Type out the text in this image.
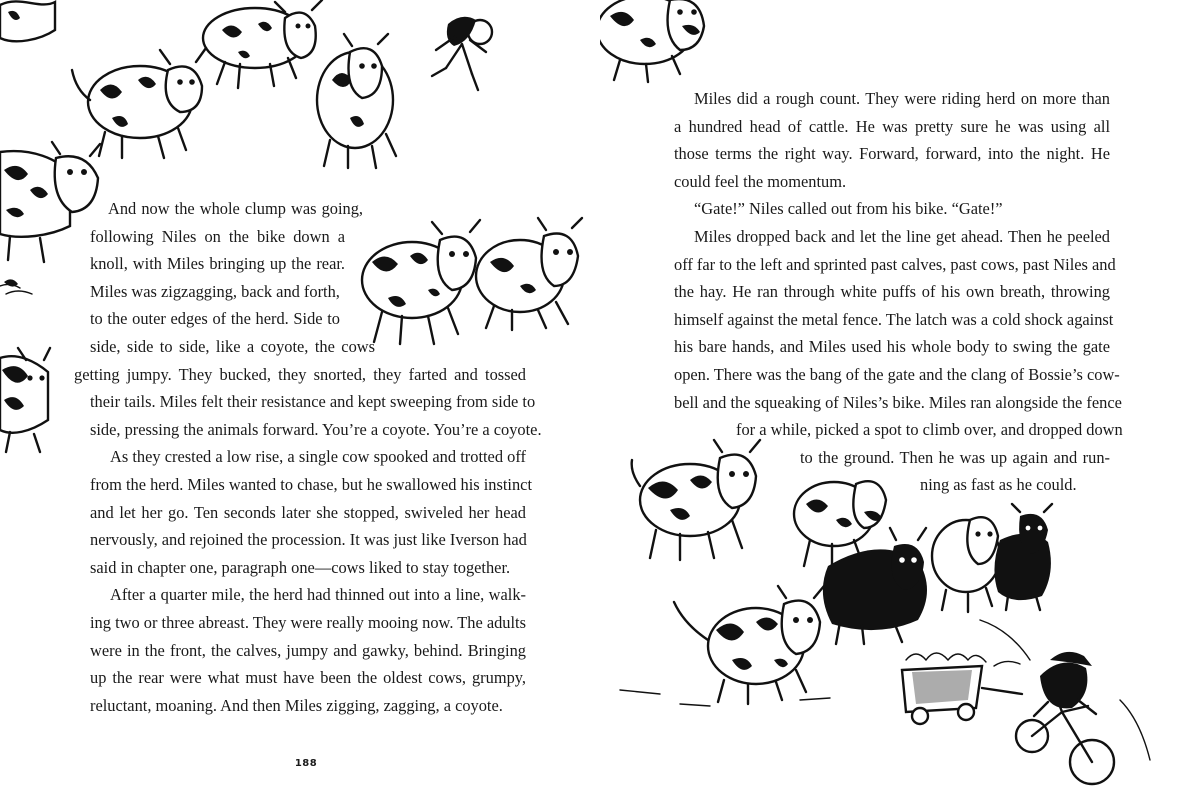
And now the whole clump was going,
following Niles on the bike down a
knoll, with Miles bringing up the rear.
Miles was zigzagging, back and forth,
to the outer edges of the herd. Side to
side, side to side, like a coyote, the cows
getting jumpy. They bucked, they snorted, they farted and tossed
their tails. Miles felt their resistance and kept sweeping from side to
side, pressing the animals forward. You’re a coyote. You’re a coyote.
As they crested a low rise, a single cow spooked and trotted off
from the herd. Miles wanted to chase, but he swallowed his instinct
and let her go. Ten seconds later she stopped, swiveled her head
nervously, and rejoined the procession. It was just like Iverson had
said in chapter one, paragraph one—cows liked to stay together.
After a quarter mile, the herd had thinned out into a line, walk-
ing two or three abreast. They were really mooing now. The adults
were in the front, the calves, jumpy and gawky, behind. Bringing
up the rear were what must have been the oldest cows, grumpy,
reluctant, moaning. And then Miles zigging, zagging, a coyote.
188
Miles did a rough count. They were riding herd on more than
a hundred head of cattle. He was pretty sure he was using all
those terms the right way. Forward, forward, into the night. He
could feel the momentum.
“Gate!” Niles called out from his bike. “Gate!”
Miles dropped back and let the line get ahead. Then he peeled
off far to the left and sprinted past calves, past cows, past Niles and
the hay. He ran through white puffs of his own breath, throwing
himself against the metal fence. The latch was a cold shock against
his bare hands, and Miles used his whole body to swing the gate
open. There was the bang of the gate and the clang of Bossie’s cow-
bell and the squeaking of Niles’s bike. Miles ran alongside the fence
for a while, picked a spot to climb over, and dropped down
to the ground. Then he was up again and run-
ning as fast as he could.
